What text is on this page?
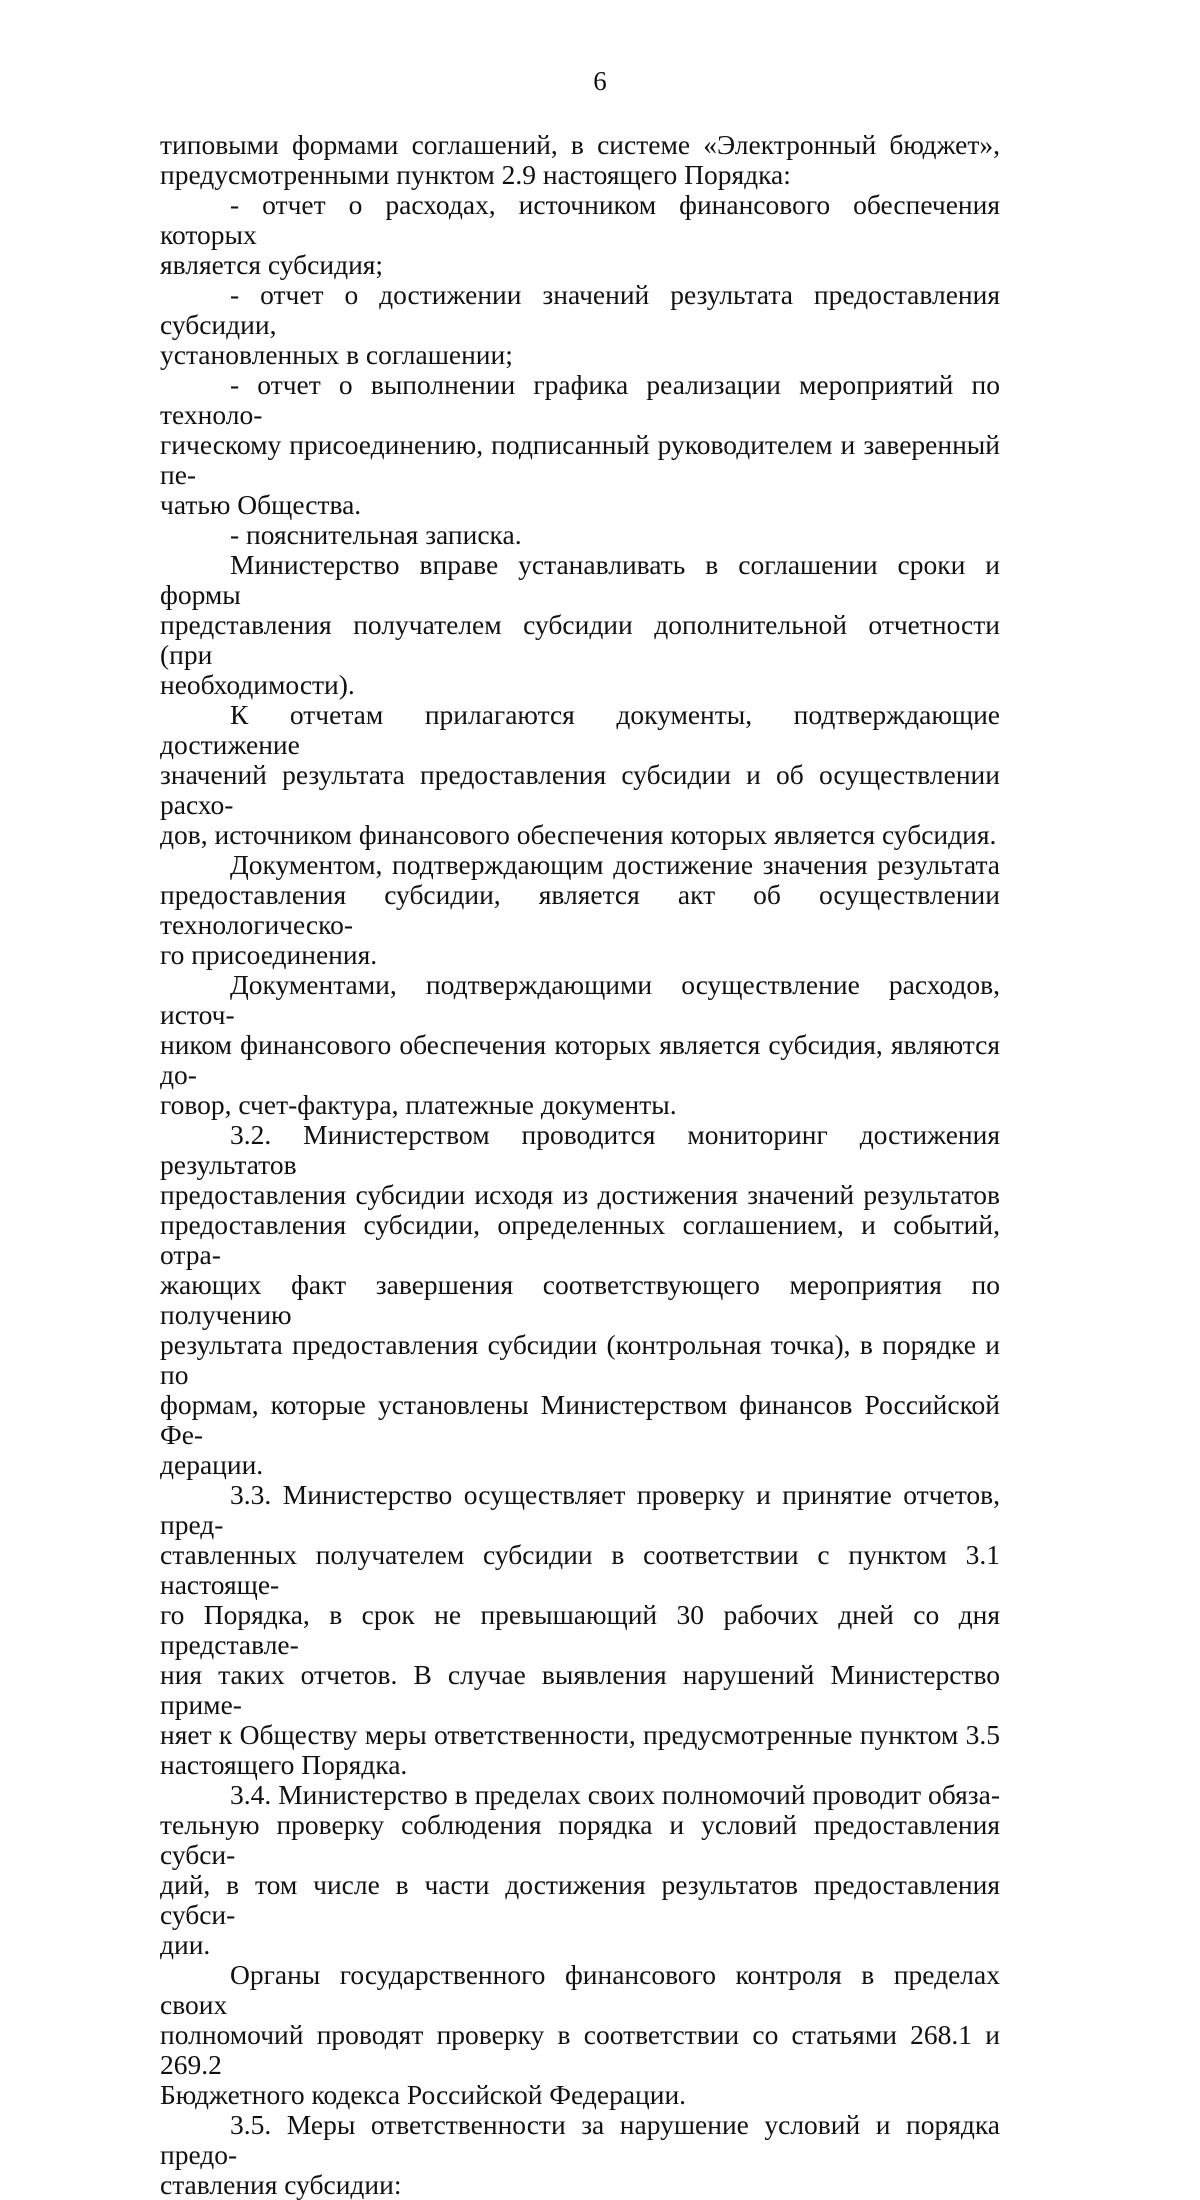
6
типовыми формами соглашений, в системе «Электронный бюджет»,
предусмотренными пунктом 2.9 настоящего Порядка:
- отчет о расходах, источником финансового обеспечения которых
является субсидия;
- отчет о достижении значений результата предоставления субсидии,
установленных в соглашении;
- отчет о выполнении графика реализации мероприятий по техноло-
гическому присоединению, подписанный руководителем и заверенный пе-
чатью Общества.
- пояснительная записка.
Министерство вправе устанавливать в соглашении сроки и формы
представления получателем субсидии дополнительной отчетности (при
необходимости).
К отчетам прилагаются документы, подтверждающие достижение
значений результата предоставления субсидии и об осуществлении расхо-
дов, источником финансового обеспечения которых является субсидия.
Документом, подтверждающим достижение значения результата
предоставления субсидии, является акт об осуществлении технологическо-
го присоединения.
Документами, подтверждающими осуществление расходов, источ-
ником финансового обеспечения которых является субсидия, являются до-
говор, счет-фактура, платежные документы.
3.2. Министерством проводится мониторинг достижения результатов
предоставления субсидии исходя из достижения значений результатов
предоставления субсидии, определенных соглашением, и событий, отра-
жающих факт завершения соответствующего мероприятия по получению
результата предоставления субсидии (контрольная точка), в порядке и по
формам, которые установлены Министерством финансов Российской Фе-
дерации.
3.3. Министерство осуществляет проверку и принятие отчетов, пред-
ставленных получателем субсидии в соответствии с пунктом 3.1 настояще-
го Порядка, в срок не превышающий 30 рабочих дней со дня представле-
ния таких отчетов. В случае выявления нарушений Министерство приме-
няет к Обществу меры ответственности, предусмотренные пунктом 3.5
настоящего Порядка.
3.4. Министерство в пределах своих полномочий проводит обяза-
тельную проверку соблюдения порядка и условий предоставления субси-
дий, в том числе в части достижения результатов предоставления субси-
дии.
Органы государственного финансового контроля в пределах своих
полномочий проводят проверку в соответствии со статьями 268.1 и 269.2
Бюджетного кодекса Российской Федерации.
3.5. Меры ответственности за нарушение условий и порядка предо-
ставления субсидии:
